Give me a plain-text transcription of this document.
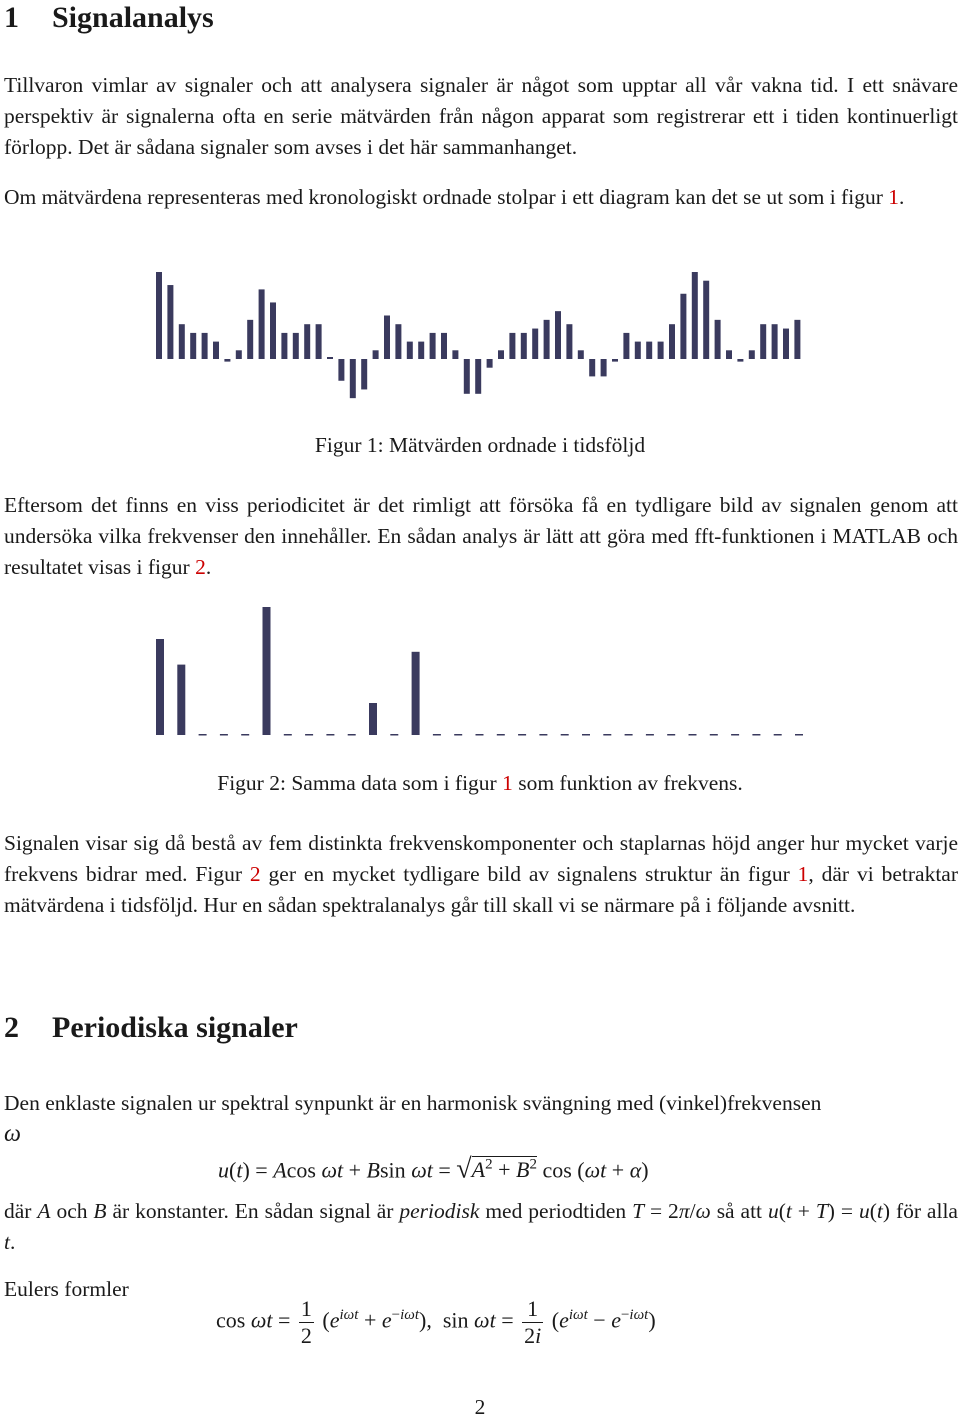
1 Signalanalys

Tillvaron vimlar av signaler och att analysera signaler är något som upptar all vår vakna tid. I ett snävare perspektiv är signalerna ofta en serie mätvärden från någon apparat som registrerar ett i tiden kontinuerligt förlopp. Det är sådana signaler som avses i det här sammanhanget.

Om mätvärdena representeras med kronologiskt ordnade stolpar i ett diagram kan det se ut som i figur 1.

Figur 1: Mätvärden ordnade i tidsföljd

Eftersom det finns en viss periodicitet är det rimligt att försöka få en tydligare bild av signalen genom att undersöka vilka frekvenser den innehåller. En sådan analys är lätt att göra med fft-funktionen i MATLAB och resultatet visas i figur 2.

Figur 2: Samma data som i figur 1 som funktion av frekvens.

Signalen visar sig då bestå av fem distinkta frekvenskomponenter och staplarnas höjd anger hur mycket varje frekvens bidrar med. Figur 2 ger en mycket tydligare bild av signalens struktur än figur 1, där vi betraktar mätvärdena i tidsföljd. Hur en sådan spektralanalys går till skall vi se närmare på i följande avsnitt.

2 Periodiska signaler

Den enklaste signalen ur spektral synpunkt är en harmonisk svängning med (vinkel)frekvensen
ω

u(t) = Acos ωt + Bsin $\omega t = √A^2 + B^2$ cos (ωt + α)

där A och B är konstanter. En sådan signal är periodisk med periodtiden T = 2π/ω så att u(t + T) = u(t) för alla t.

Eulers formler

$\cos \omega t = \frac{1}{2} (e^{i\omega t} + e^{-i\omega t})$,  $\sin \omega t = \frac{1}{2i} (e^{i\omega t} - e^{-i\omega t})$
2
